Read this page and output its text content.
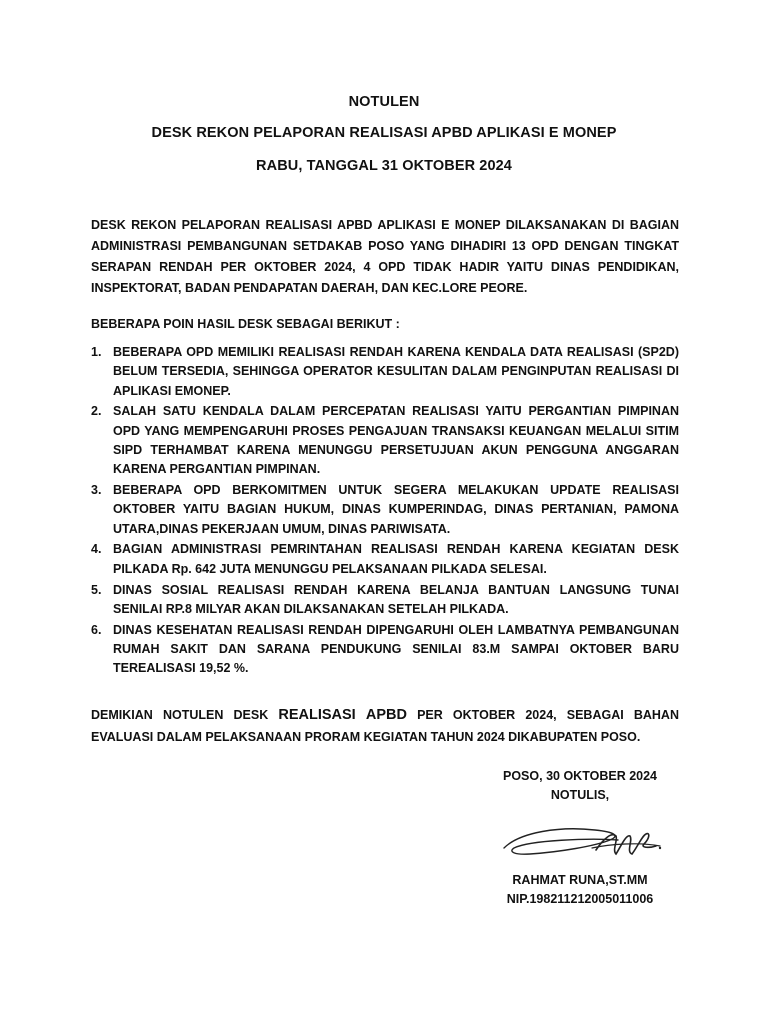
NOTULEN
DESK REKON PELAPORAN REALISASI APBD APLIKASI E MONEP
RABU, TANGGAL 31 OKTOBER 2024
DESK REKON PELAPORAN REALISASI APBD APLIKASI E MONEP DILAKSANAKAN DI BAGIAN ADMINISTRASI PEMBANGUNAN SETDAKAB POSO YANG DIHADIRI 13 OPD DENGAN TINGKAT SERAPAN RENDAH PER OKTOBER 2024, 4 OPD TIDAK HADIR YAITU DINAS PENDIDIKAN, INSPEKTORAT, BADAN PENDAPATAN DAERAH, DAN KEC.LORE PEORE.
BEBERAPA POIN HASIL DESK SEBAGAI BERIKUT :
1. BEBERAPA OPD MEMILIKI REALISASI RENDAH KARENA KENDALA DATA REALISASI (SP2D) BELUM TERSEDIA, SEHINGGA OPERATOR KESULITAN DALAM PENGINPUTAN REALISASI DI APLIKASI EMONEP.
2. SALAH SATU KENDALA DALAM PERCEPATAN REALISASI YAITU PERGANTIAN PIMPINAN OPD YANG MEMPENGARUHI PROSES PENGAJUAN TRANSAKSI KEUANGAN MELALUI SITIM SIPD TERHAMBAT KARENA MENUNGGU PERSETUJUAN AKUN PENGGUNA ANGGARAN KARENA PERGANTIAN PIMPINAN.
3. BEBERAPA OPD BERKOMITMEN UNTUK SEGERA MELAKUKAN UPDATE REALISASI OKTOBER YAITU BAGIAN HUKUM, DINAS KUMPERINDAG, DINAS PERTANIAN, PAMONA UTARA,DINAS PEKERJAAN UMUM, DINAS PARIWISATA.
4. BAGIAN ADMINISTRASI PEMRINTAHAN REALISASI RENDAH KARENA KEGIATAN DESK PILKADA Rp. 642 JUTA MENUNGGU PELAKSANAAN PILKADA SELESAI.
5. DINAS SOSIAL REALISASI RENDAH KARENA BELANJA BANTUAN LANGSUNG TUNAI SENILAI RP.8 MILYAR AKAN DILAKSANAKAN SETELAH PILKADA.
6. DINAS KESEHATAN REALISASI RENDAH DIPENGARUHI OLEH LAMBATNYA PEMBANGUNAN RUMAH SAKIT DAN SARANA PENDUKUNG SENILAI 83.M SAMPAI OKTOBER BARU TEREALISASI 19,52 %.
DEMIKIAN NOTULEN DESK REALISASI APBD PER OKTOBER 2024, SEBAGAI BAHAN EVALUASI DALAM PELAKSANAAN PRORAM KEGIATAN TAHUN 2024 DIKABUPATEN POSO.
POSO, 30 OKTOBER 2024
NOTULIS,
RAHMAT RUNA,ST.MM
NIP.198211212005011006
